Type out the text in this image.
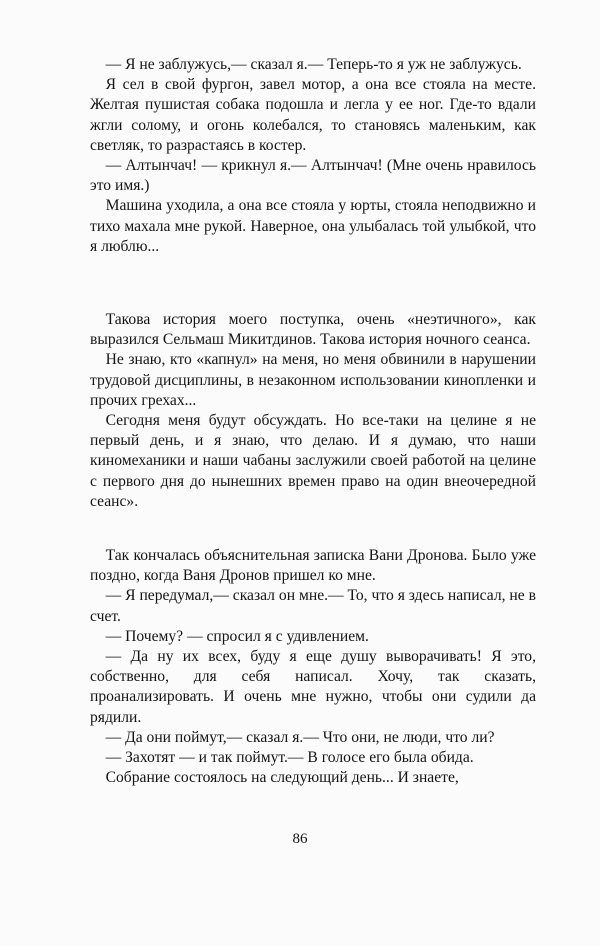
— Я не заблужусь,— сказал я.— Теперь-то я уж не заблужусь.

Я сел в свой фургон, завел мотор, а она все стояла на месте. Желтая пушистая собака подошла и легла у ее ног. Где-то вдали жгли солому, и огонь колебался, то становясь маленьким, как светляк, то разрастаясь в костер.

— Алтынчач! — крикнул я.— Алтынчач! (Мне очень нравилось это имя.)

Машина уходила, а она все стояла у юрты, стояла неподвижно и тихо махала мне рукой. Наверное, она улыбалась той улыбкой, что я люблю...

Такова история моего поступка, очень «неэтичного», как выразился Сельмаш Микитдинов. Такова история ночного сеанса.

Не знаю, кто «капнул» на меня, но меня обвинили в нарушении трудовой дисциплины, в незаконном использовании кинопленки и прочих грехах...

Сегодня меня будут обсуждать. Но все-таки на целине я не первый день, и я знаю, что делаю. И я думаю, что наши киномеханики и наши чабаны заслужили своей работой на целине с первого дня до нынешних времен право на один внеочередной сеанс».

Так кончалась объяснительная записка Вани Дронова. Было уже поздно, когда Ваня Дронов пришел ко мне.

— Я передумал,— сказал он мне.— То, что я здесь написал, не в счет.

— Почему? — спросил я с удивлением.

— Да ну их всех, буду я еще душу выворачивать! Я это, собственно, для себя написал. Хочу, так сказать, проанализировать. И очень мне нужно, чтобы они судили да рядили.

— Да они поймут,— сказал я.— Что они, не люди, что ли?

— Захотят — и так поймут.— В голосе его была обида.

Собрание состоялось на следующий день... И знаете,

86
